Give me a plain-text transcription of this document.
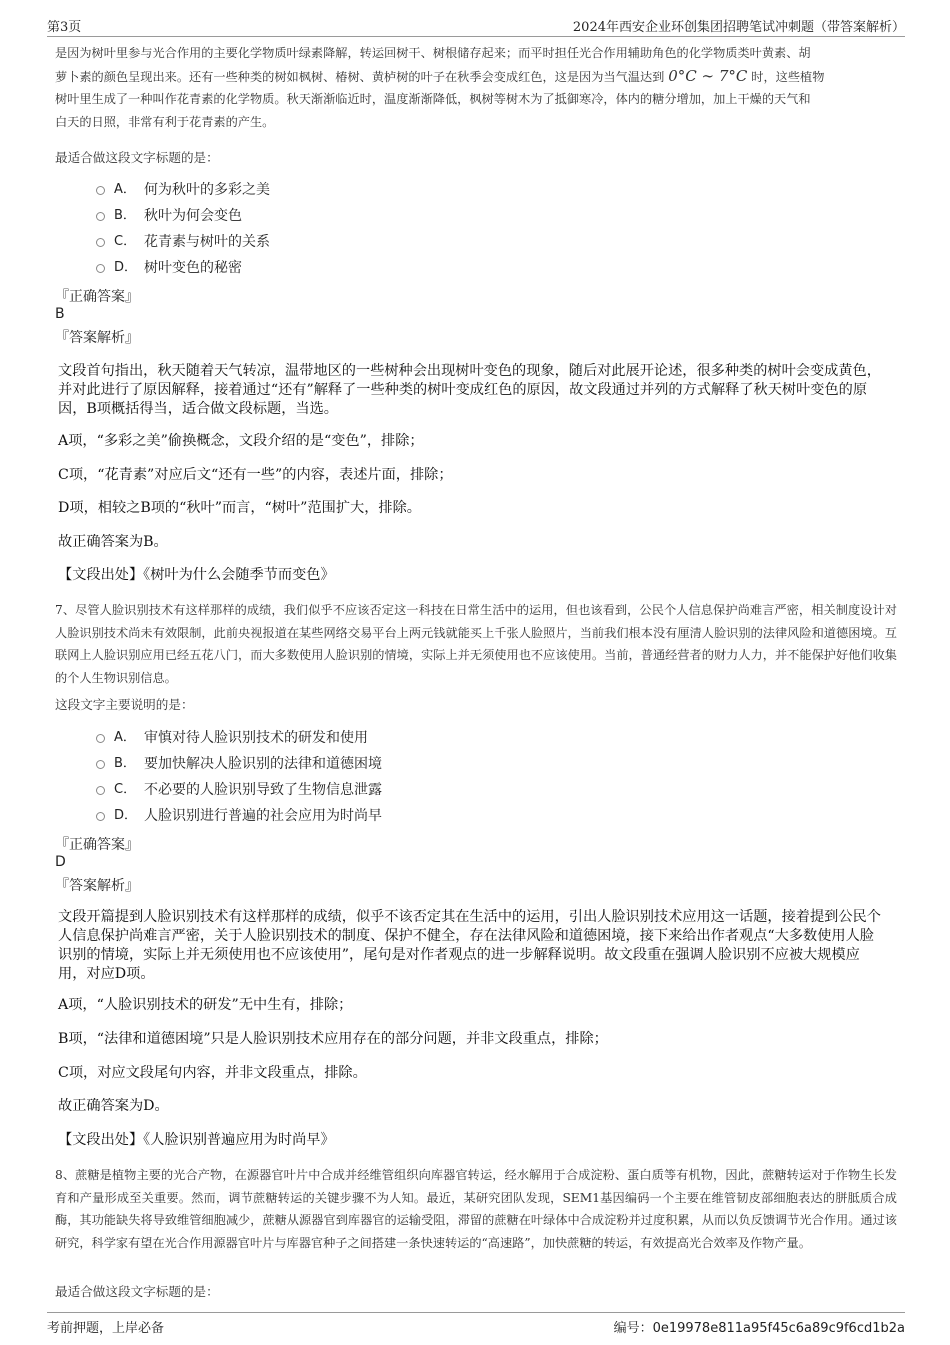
第3页	2024年西安企业环创集团招聘笔试冲刺题（带答案解析）
是因为树叶里参与光合作用的主要化学物质叶绿素降解，转运回树干、树根储存起来；而平时担任光合作用辅助角色的化学物质类叶黄素、胡
萝卜素的颜色呈现出来。还有一些种类的树如枫树、椿树、黄栌树的叶子在秋季会变成红色，这是因为当气温达到 0°C ∼ 7°C 时，这些植物
树叶里生成了一种叫作花青素的化学物质。秋天渐渐临近时，温度渐渐降低，枫树等树木为了抵御寒冷，体内的糖分增加，加上干燥的天气和
白天的日照，非常有利于花青素的产生。
最适合做这段文字标题的是：
A． 何为秋叶的多彩之美
B． 秋叶为何会变色
C． 花青素与树叶的关系
D． 树叶变色的秘密
『正确答案』
B
『答案解析』
文段首句指出，秋天随着天气转凉，温带地区的一些树种会出现树叶变色的现象，随后对此展开论述，很多种类的树叶会变成黄色，并对此进行了原因解释，接着通过“还有”解释了一些种类的树叶变成红色的原因，故文段通过并列的方式解释了秋天树叶变色的原因，B项概括得当，适合做文段标题，当选。
A项，“多彩之美”偷换概念，文段介绍的是“变色”，排除；
C项，“花青素”对应后文“还有一些”的内容，表述片面，排除；
D项，相较之B项的“秋叶”而言，“树叶”范围扩大，排除。
故正确答案为B。
【文段出处】《树叶为什么会随季节而变色》
7、尽管人脸识别技术有这样那样的成绩，我们似乎不应该否定这一科技在日常生活中的运用，但也该看到，公民个人信息保护尚难言严密，相关制度设计对人脸识别技术尚未有效限制，此前央视报道在某些网络交易平台上两元钱就能买上千张人脸照片，当前我们根本没有厘清人脸识别的法律风险和道德困境。互联网上人脸识别应用已经五花八门，而大多数使用人脸识别的情境，实际上并无须使用也不应该使用。当前，普通经营者的财力人力，并不能保护好他们收集的个人生物识别信息。
这段文字主要说明的是：
A． 审慎对待人脸识别技术的研发和使用
B． 要加快解决人脸识别的法律和道德困境
C． 不必要的人脸识别导致了生物信息泄露
D． 人脸识别进行普遍的社会应用为时尚早
『正确答案』
D
『答案解析』
文段开篇提到人脸识别技术有这样那样的成绩，似乎不该否定其在生活中的运用，引出人脸识别技术应用这一话题，接着提到公民个人信息保护尚难言严密，关于人脸识别技术的制度、保护不健全，存在法律风险和道德困境，接下来给出作者观点“大多数使用人脸识别的情境，实际上并无须使用也不应该使用”，尾句是对作者观点的进一步解释说明。故文段重在强调人脸识别不应被大规模应用，对应D项。
A项，“人脸识别技术的研发”无中生有，排除；
B项，“法律和道德困境”只是人脸识别技术应用存在的部分问题，并非文段重点，排除；
C项，对应文段尾句内容，并非文段重点，排除。
故正确答案为D。
【文段出处】《人脸识别普遍应用为时尚早》
8、蔗糖是植物主要的光合产物，在源器官叶片中合成并经维管组织向库器官转运，经水解用于合成淀粉、蛋白质等有机物，因此，蔗糖转运对于作物生长发育和产量形成至关重要。然而，调节蔗糖转运的关键步骤不为人知。最近，某研究团队发现，SEM1基因编码一个主要在维管韧皮部细胞表达的胼胝质合成酶，其功能缺失将导致维管细胞减少，蔗糖从源器官到库器官的运输受阻，滞留的蔗糖在叶绿体中合成淀粉并过度积累，从而以负反馈调节光合作用。通过该研究，科学家有望在光合作用源器官叶片与库器官种子之间搭建一条快速转运的“高速路”，加快蔗糖的转运，有效提高光合效率及作物产量。
最适合做这段文字标题的是：
考前押题，上岸必备	编号：0e19978e811a95f45c6a89c9f6cd1b2a
